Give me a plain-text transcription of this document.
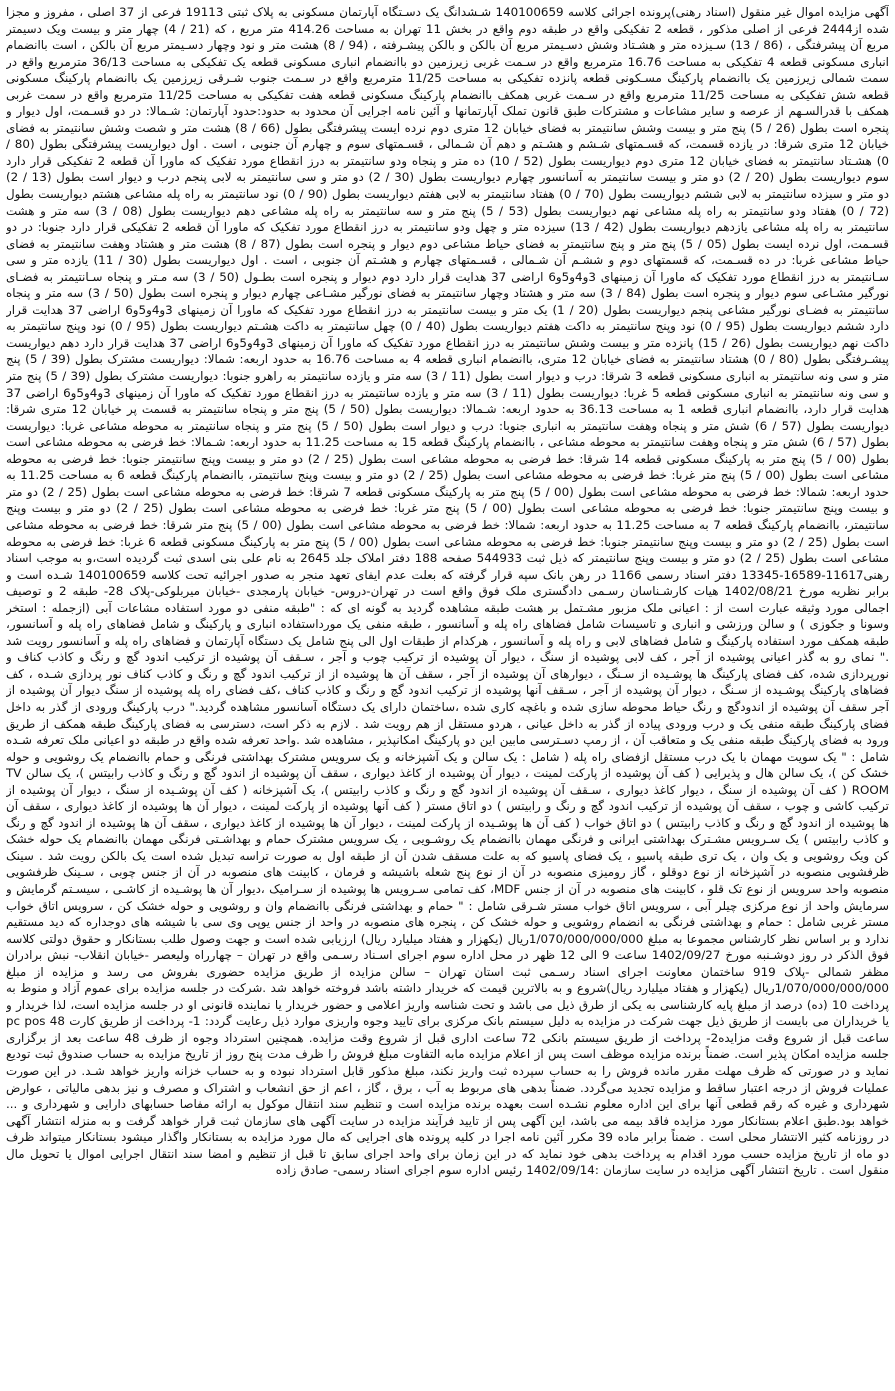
آگهی مزایده اموال غیر منقول (اسناد رهنی)پرونده اجرائی کلاسه 140100659 شـشدانگ یک دسـتگاه آپارتمان مسکونی به پلاک ثبتی 19113 فرعی از 37 اصلی ، مفروز و مجزا شده از2444 فرعی از اصلی مذکور ، قطعه 2 تفکیکی واقع در طبقه دوم واقع در بخش 11 تهران به مساحت 414.26 متر مربع ، که (21 / 4) چهار متر و بیست ویک دسیمتر مربع آن پیشرفتگی ، (86 / 13) سـیزده متر و هشـتاد وشش دسـیمتر مربع آن بالکن و بالکن پیشـرفته ، (94 / 8) هشت متر و نود وچهار دسـیمتر مربع آن بالکن ، است باانضمام انباری مسکونی قطعه 4 تفکیکی به مساحت 16.76 مترمربع واقع در سـمت غربی زیرزمین دو باانضمام انباری مسکونی قطعه یک تفکیکی به مساحت 36/13 مترمربع واقع در سمت شمالی زیرزمین یک باانضمام پارکینگ مسـکونی قطعه پانزده تفکیکی به مساحت 11/25 مترمربع واقع در سـمت جنوب شـرقی زیرزمین یک باانضمام پارکینگ مسکونی قطعه شش تفکیکی به مساحت 11/25 مترمربع واقع در سـمت غربی همکف باانضمام پارکینگ مسکونی قطعه هفت تفکیکی به مساحت 11/25 مترمربع واقع در سمت غربی همکف با قدرالسـهم از عرصه و سایر مشاعات و مشترکات طبق قانون تملک آپارتمانها و آئین نامه اجرایی آن محدود به حدود:حدود آپارتمان: شـمالا: در دو قسـمت، اول دیوار و پنجره است بطول (26 / 5) پنج متر و بیست وشش سانتیمتر به فضای خیابان 12 متری دوم نرده ایست پیشرفتگی بطول (66 / 8) هشت متر و شصت وشش سانتیمتر به فضای خیابان 12 متری شرقا: در یازده قسمت، که قسـمتهای شـشم و هشـتم و دهم آن شـمالی ، قسـمتهای سوم و چهارم آن جنوبی ، است . اول دیواریست پیشرفتگی بطول (80 / 0) هشـتاد سانتیمتر به فضای خیابان 12 متری دوم دیواریست بطول (52 / 10) ده متر و پنجاه ودو سانتیمتر به درز انقطاع مورد تفکیک که ماورا آن قطعه 2 تفکیکی قرار دارد سوم دیواریست بطول (20 / 2) دو متر و بیست سانتیمتر به آسانسور چهارم دیواریست بطول (30 / 2) دو متر و سی سانتیمتر به لابی پنجم درب و دیوار است بطول (13 / 2) دو متر و سیزده سانتیمتر به لابی ششم دیواریست بطول (70 / 0) هفتاد سانتیمتر به لابی هفتم دیواریست بطول (90 / 0) نود سانتیمتر به راه پله مشاعی هشتم دیواریست بطول (72 / 0) هفتاد ودو سانتیمتر به راه پله مشاعی نهم دیواریست بطول (53 / 5) پنج متر و سه سانتیمتر به راه پله مشاعی دهم دیواریست بطول (08 / 3) سه متر و هشت سانتیمتر به راه پله مشاعی یازدهم دیواریست بطول (42 / 13) سیزده متر و چهل ودو سانتیمتر به درز انقطاع مورد تفکیک که ماورا آن قطعه 2 تفکیکی قرار دارد جنوبا: در دو قسـمت، اول نرده ایست بطول (05 / 5) پنج متر و پنج سانتیمتر به فضای حیاط مشاعی دوم دیوار و پنجره است بطول (87 / 8) هشت متر و هشتاد وهفت سانتیمتر به فضای حیاط مشاعی غربا: در ده قسـمت، که قسمتهای دوم و ششـم آن شـمالی ، قسـمتهای چهارم و هشـتم آن جنوبی ، است . اول دیواریست بطول (30 / 11) یازده متر و سی سـانتیمتر به درز انقطاع مورد تفکیک که ماورا آن زمینهای 3و4و5و6 اراضی 37 هدایت قرار دارد دوم دیوار و پنجره است بطـول (50 / 3) سه مـتر و پنجاه سـانتیمتر به فضـای نورگیر مشـاعی سوم دیوار و پنجره است بطول (84 / 3) سه متر و هشتاد وچهار سانتیمتر به فضای نورگیر مشـاعی چهارم دیوار و پنجره است بطول (50 / 3) سه متر و پنجاه سانتیمتر به فضـای نورگیر مشاعی پنجم دیواریست بطول (20 / 1) یک متر و بیست سانتیمتر به درز انقطاع مورد تفکیک که ماورا آن زمینهای 3و4و5و6 اراضی 37 هدایت قرار دارد ششم دیواریست بطول (95 / 0) نود وپنج سانتیمتر به داکت هفتم دیواریست بطول (40 / 0) چهل سانتیمتر به داکت هشـتم دیواریست بطول (95 / 0) نود وپنج سانتیمتر به داکت نهم دیواریست بطول (26 / 15) پانزده متر و بیست وشش سانتیمتر به درز انقطاع مورد تفکیک که ماورا آن زمینهای 3و4و5و6 اراضی 37 هدایت قرار دارد دهم دیواریست پیشـرفتگی بطول (80 / 0) هشتاد سانتیمتر به فضای خیابان 12 متری، باانضمام انباری قطعه 4 به مساحت 16.76 به حدود اربعه: شمالا: دیواریست مشترک بطول (39 / 5) پنج متر و سی ونه سانتیمتر به انباری مسکونی قطعه 3 شرقا: درب و دیوار است بطول (11 / 3) سه متر و یازده سانتیمتر به راهرو جنوبا: دیواریست مشترک بطول (39 / 5) پنج متر و سی ونه سانتیمتر به انباری مسکونی قطعه 5 غربا: دیواریست بطول (11 / 3) سه متر و یازده سانتیمتر به درز انقطاع مورد تفکیک که ماورا آن زمینهای 3و4و5و6 اراضی 37 هدایت قرار دارد، باانضمام انباری قطعه 1 به مساحت 36.13 به حدود اربعه: شـمالا: دیواریست بطول (50 / 5) پنج متر و پنجاه سانتیمتر به قسمت پر خیابان 12 متری شرقا: دیواریست بطول (57 / 6) شش متر و پنجاه وهفت سانتیمتر به انباری جنوبا: درب و دیوار است بطول (50 / 5) پنج متر و پنجاه سانتیمتر به محوطه مشاعی غربا: دیواریست بطول (57 / 6) شش متر و پنجاه وهفت سانتیمتر به محوطه مشاعی ، باانضمام پارکینگ قطعه 15 به مساحت 11.25 به حدود اربعه: شـمالا: خط فرضی به محوطه مشاعی است بطول (00 / 5) پنج متر به پارکینگ مسکونی قطعه 14 شرقا: خط فرضی به محوطه مشاعی است بطول (25 / 2) دو متر و بیست وپنج سانتیمتر جنوبا: خط فرضی به محوطه مشاعی است بطول (00 / 5) پنج متر غربا: خط فرضی به محوطه مشاعی است بطول (25 / 2) دو متر و بیست وپنج سانتیمتر، باانضمام پارکینگ قطعه 6 به مساحت 11.25 به حدود اربعه: شمالا: خط فرضی به محوطه مشاعی است بطول (00 / 5) پنج متر به پارکینگ مسکونی قطعه 7 شرقا: خط فرضی به محوطه مشاعی است بطول (25 / 2) دو متر و بیست وپنج سانتیمتر جنوبا: خط فرضی به محوطه مشاعی است بطول (00 / 5) پنج متر غربا: خط فرضی به محوطه مشاعی است بطول (25 / 2) دو متر و بیست وپنج سانتیمتر، باانضمام پارکینگ قطعه 7 به مساحت 11.25 به حدود اربعه: شمالا: خط فرضی به محوطه مشاعی است بطول (00 / 5) پنج متر شرقا: خط فرضی به محوطه مشاعی است بطول (25 / 2) دو متر و بیست وپنج سانتیمتر جنوبا: خط فرضی به محوطه مشاعی است بطول (00 / 5) پنج متر به پارکینگ مسکونی قطعه 6 غربا: خط فرضی به محوطه مشاعی است بطول (25 / 2) دو متر و بیست وپنج سانتیمتر که ذیل ثبت 544933 صفحه 188 دفتر املاک جلد 2645 به نام علی بنی اسدی ثبت گردیده است،و به موجب اسناد رهنی11617-16589-13345 دفتر اسناد رسمی 1166 در رهن بانک سپه قرار گرفته که بعلت عدم ایفای تعهد منجر به صدور اجرائیه تحت کلاسه 140100659 شـده است و برابر نظریه مورخ 1402/08/21 هیات کارشـناسان رسـمی دادگستری ملک فوق واقع است در تهران-دروس- خیابان پارمجدی -خیابان میربلوکی-پلاک 28- طبقه 2 و توصیف اجمالی مورد وثیقه عبارت است از : اعیانی ملک مزبور مشـتمل بر هشت طبقه مشاهده گردید به گونه ای که : "طبقه منفی دو مورد استفاده مشاعات آبی (ازجمله : استخر وسونا و جکوزی ) و سالن ورزشی و انباری و تاسیسات شامل فضاهای راه پله و آسانسور ، طبقه منفی یک مورداستفاده انباری و پارکینگ و شامل فضاهای راه پله و آسانسور، طبقه همکف مورد استفاده پارکینگ و شامل فضاهای لابی و راه پله و آسانسور ، هرکدام از طبقات اول الی پنج شامل یک دستگاه آپارتمان و فضاهای راه پله و آسانسور رویت شد ." نمای رو به گذر اعیانی پوشیده از آجر ، کف لابی پوشیده از سنگ ، دیوار آن پوشیده از ترکیب چوب و آجر ، سـقف آن پوشیده از ترکیب اندود گچ و رنگ و کاذب کناف و نورپردازی شده، کف فضای پارکینگ ها پوشـیده از سـنگ ، دیوارهای آن پوشیده از آجر ، سقف آن ها پوشیده از از ترکیب اندود گچ و رنگ و کاذب کناف نور پردازی شـده ، کف فضاهای پارکینگ پوشـیده از سـنگ ، دیوار آن پوشیده از آجر ، سـقف آنها پوشیده از ترکیب اندود گچ و رنگ و کاذب کناف ،کف فضای راه پله پوشیده از سنگ دیوار آن پوشیده از آجر سقف آن پوشیده از اندودگچ و رنگ حیاط محوطه سازی شده و باغچه کاری شده ،ساختمان دارای یک دستگاه آسانسور مشاهده گردید." درب پارکینگ ورودی از گذر به داخل فضای پارکینگ طبقه منفی یک و درب ورودی پیاده از گذر به داخل عیانی ، هردو مستقل از هم رویت شد . لازم به ذکر است، دسترسی به فضای پارکینگ طبقه همکف از طریق ورود به فضای پارکینگ طبقه منفی یک و متعاقب آن ، از رمپ دسـترسی مابین این دو پارکینگ امکانپذیر ، مشاهده شد .واحد تعرفه شده واقع در طبقه دو اعیانی ملک تعرفه شـده شامل : " یک سویت مهمان با یک درب مستقل ازفضای راه پله ( شامل : یک سالن و یک آشپزخانه و یک سرویس مشترک بهداشتی فرنگی و حمام باانضمام یک روشویی و حوله خشک کن )، یک سالن هال و پذیرایی ( کف آن پوشیده از پارکت لمینت ، دیوار آن پوشیده از کاغذ دیواری ، سقف آن پوشیده از اندود گچ و رنگ و کاذب رابیتس )، یک سالن TV ROOM ( کف آن پوشیده از سنگ ، دیوار کاغذ دیواری ، سـقف آن پوشیده از اندود گچ و رنگ و کاذب رابیتس )، یک آشپزخانه ( کف آن پوشـیده از سنگ ، دیوار آن پوشیده از ترکیب کاشی و چوب ، سقف آن پوشیده از ترکیب اندود گچ و رنگ و رابیتس ) دو اتاق مستر ( کف آنها پوشیده از پارکت لمینت ، دیوار آن ها پوشیده از کاغذ دیواری ، سقف آن ها پوشیده از اندود گچ و رنگ و کاذب رابیتس ) دو اتاق خواب ( کف آن ها پوشـیده از پارکت لمینت ، دیوار آن ها پوشیده از کاغذ دیواری ، سقف آن ها پوشیده از اندود گچ و رنگ و کاذب رابیتس ) یک سـرویس مشـترک بهداشتی ایرانی و فرنگی مهمان باانضمام یک روشـویی ، یک سرویس مشترک حمام و بهداشـتی فرنگی مهمان باانضمام یک حوله خشک کن ویک روشویی و یک وان ، یک تری طبقه پاسیو ، یک فضای پاسیو که به علت مسقف شدن آن از طبقه اول به صورت تراسه تبدیل شده است یک بالکن رویت شد . سینک ظرفشویی منصوبه در آشپزخانه از نوع دوقلو ، گاز رومیزی منصوبه در آن از نوع پنج شعله باشیشه و فرمان ، کابینت های منصوبه در آن از جنس چوبی ، سـینک ظرفشویی منصوبه واحد سرویس از نوع تک قلو ، کابینت های منصوبه در آن از جنس MDF، کف تمامی سـرویس ها پوشیده از سـرامیک ،دیوار آن ها پوشـیده از کاشـی ، سیسـتم گرمایش و سرمایش واحد از نوع مرکزی چیلر آبی ، سرویس اتاق خواب مستر شـرقی شامل : " حمام و بهداشتی فرنگی باانضمام وان و روشویی و حوله خشک کن ، سرویس اتاق خواب مستر غربی شامل : حمام و بهداشتی فرنگی به انضمام روشویی و حوله خشک کن ، پنجره های منصوبه در واحد از جنس یوپی وی سی با شیشه های دوجداره که دید مستقیم ندارد و بر اساس نظر کارشناس مجموعا به مبلغ 1/070/000/000/000ریال (یکهزار و هفتاد میلیارد ریال) ارزیابی شده است و جهت وصول طلب بستانکار و حقوق دولتی کلاسه فوق الذکر در روز دوشـنبه مورخ 1402/09/27 ساعت 9 الی 12 ظهر در محل اداره سوم اجرای اسـناد رسـمی واقع در تهران – چهارراه ولیعصر -خیابان انقلاب- نبش برادران مظفر شمالی -پلاک 919 ساختمان معاونت اجرای اسناد رسـمی ثبت استان تهران – سالن مزایده از طریق مزایده حضوری بفروش می رسد و مزایده از مبلغ 1/070/000/000/000ریال (یکهزار و هفتاد میلیارد ریال)شروع و به بالاترین قیمت که خریدار داشته باشد فروخته خواهد شد .شرکت در جلسه مزایده برای عموم آزاد و منوط به پرداخت 10 (ده) درصد از مبلغ پایه کارشناسی به یکی از طرق ذیل می باشد و تحت شناسه واریز اعلامی و حضور خریدار یا نماینده قانونی او در جلسه مزایده است، لذا خریدار و یا خریداران می بایست از طریق ذیل جهت شرکت در مزایده به دلیل سیستم بانک مرکزی برای تایید وجوه واریزی موارد ذیل رعایت گردد: 1- پرداخت از طریق کارت 48 pc pos ساعت قبل از شروع وقت مزایده2- پرداخت از طریق سیستم بانکی 72 ساعت اداری قبل از شروع وقت مزایده. همچنین استرداد وجوه از ظرف 48 ساعت بعد از برگزاری جلسه مزایده امکان پذیر است. ضمناً برنده مزایده موظف است پس از اعلام مزایده مابه التفاوت مبلغ فروش را ظرف مدت پنج روز از تاریخ مزایده به حساب صندوق ثبت تودیع نماید و در صورتی که ظرف مهلت مقرر مانده فروش را به حساب سپرده ثبت واریز نکند، مبلغ مذکور قابل استرداد نبوده و به حساب خزانه واریز خواهد شـد. در این صورت عملیات فروش از درجه اعتبار ساقط و مزایده تجدید می‌گردد. ضمناً بدهی های مربوط به آب ، برق ، گاز ، اعم از حق انشعاب و اشتراک و مصرف و نیز بدهی مالیاتی ، عوارض شهرداری و غیره که رقم قطعی آنها برای این اداره معلوم نشـده است بعهده برنده مزایده است و تنظیم سند انتقال موکول به ارائه مفاصا حسابهای دارایی و شهرداری و ... خواهد بود.طبق اعلام بستانکار مورد مزایده فاقد بیمه می باشد، این آگهی پس از تایید فرآیند مزایده در سایت آگهی های سازمان ثبت قرار خواهد گرفت و به منزله انتشار آگهی در روزنامه کثیر الانتشار محلی است . ضمناً برابر ماده 39 مکرر آئین نامه اجرا در کلیه پرونده های اجرایی که مال مورد مزایده به بستانکار واگذار میشود بستانکار میتواند ظرف دو ماه از تاریخ مزایده حسب مورد اقدام به پرداخت بدهی خود نماید که در این زمان برای واحد اجرای سابق تا قبل از تنظیم و امضا سند انتقال اجرایی اموال یا تحویل مال منقول است . تاریخ انتشار آگهی مزایده در سایت سازمان :1402/09/14 رئیس اداره سوم اجرای اسناد رسمی- صادق زاده
